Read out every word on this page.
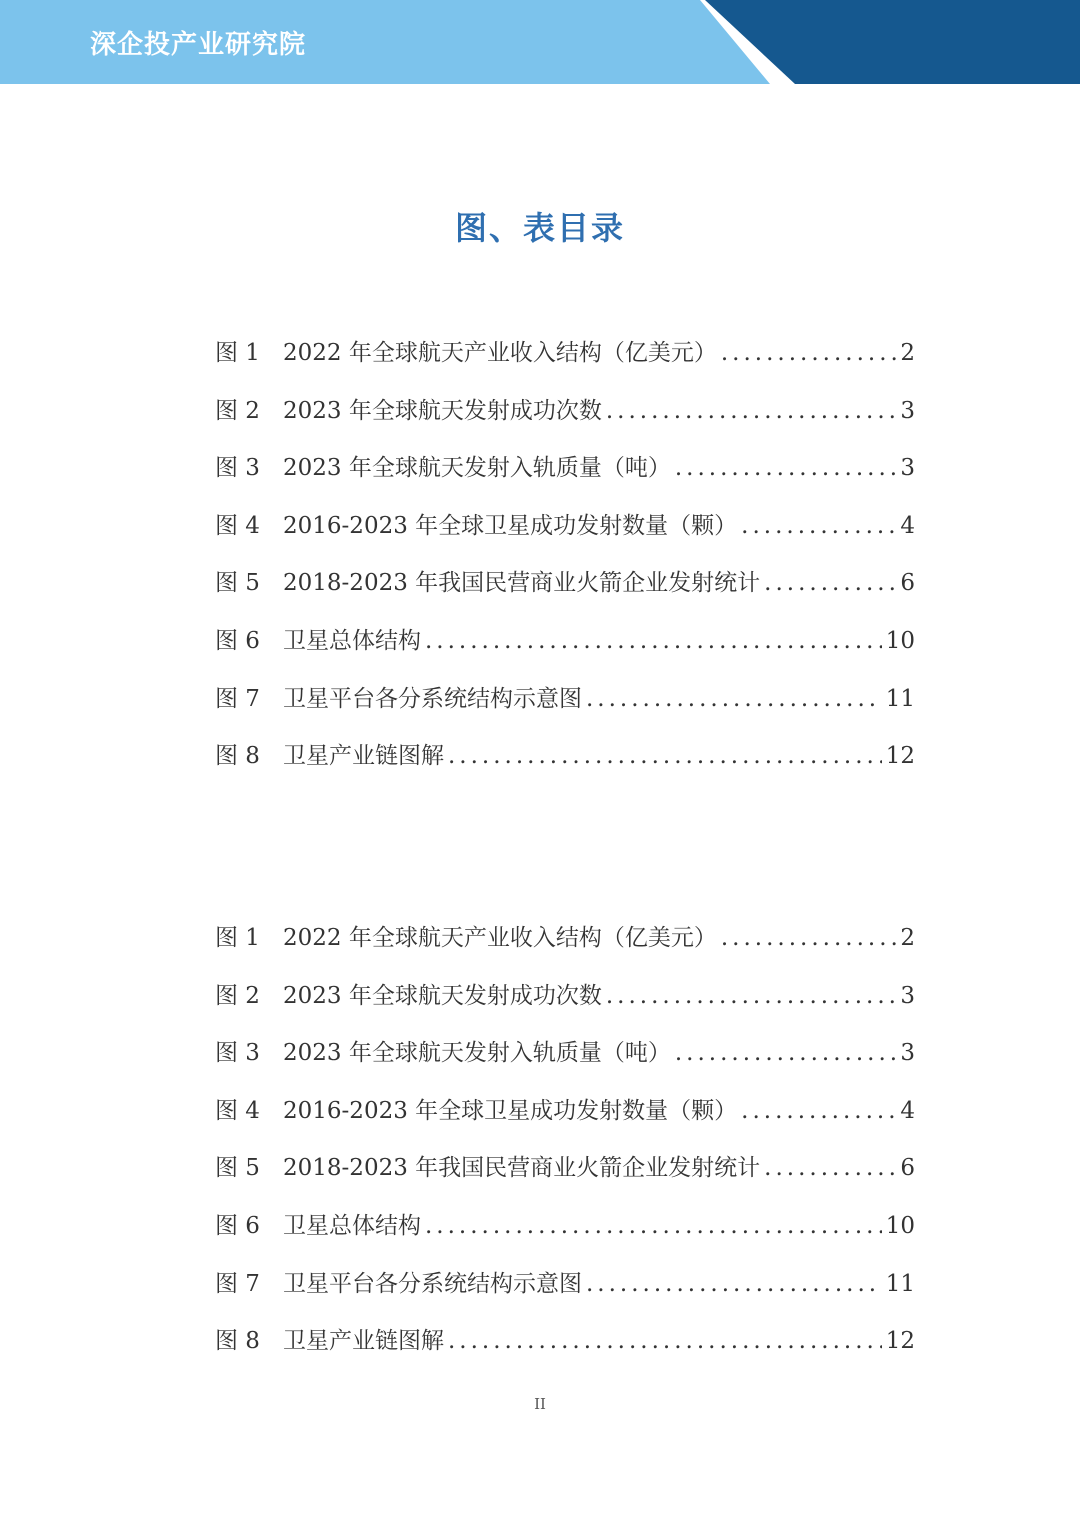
深企投产业研究院
图、表目录
图 1	2022 年全球航天产业收入结构（亿美元） .....	2
图 2	2023 年全球航天发射成功次数 .....	3
图 3	2023 年全球航天发射入轨质量（吨） .....	3
图 4	2016-2023 年全球卫星成功发射数量（颗） .....	4
图 5	2018-2023 年我国民营商业火箭企业发射统计 .....	6
图 6	卫星总体结构 .....	10
图 7	卫星平台各分系统结构示意图 .....	11
图 8	卫星产业链图解 .....	12
图 1	2022 年全球航天产业收入结构（亿美元） .....	2
图 2	2023 年全球航天发射成功次数 .....	3
图 3	2023 年全球航天发射入轨质量（吨） .....	3
图 4	2016-2023 年全球卫星成功发射数量（颗） .....	4
图 5	2018-2023 年我国民营商业火箭企业发射统计 .....	6
图 6	卫星总体结构 .....	10
图 7	卫星平台各分系统结构示意图 .....	11
图 8	卫星产业链图解 .....	12
II
